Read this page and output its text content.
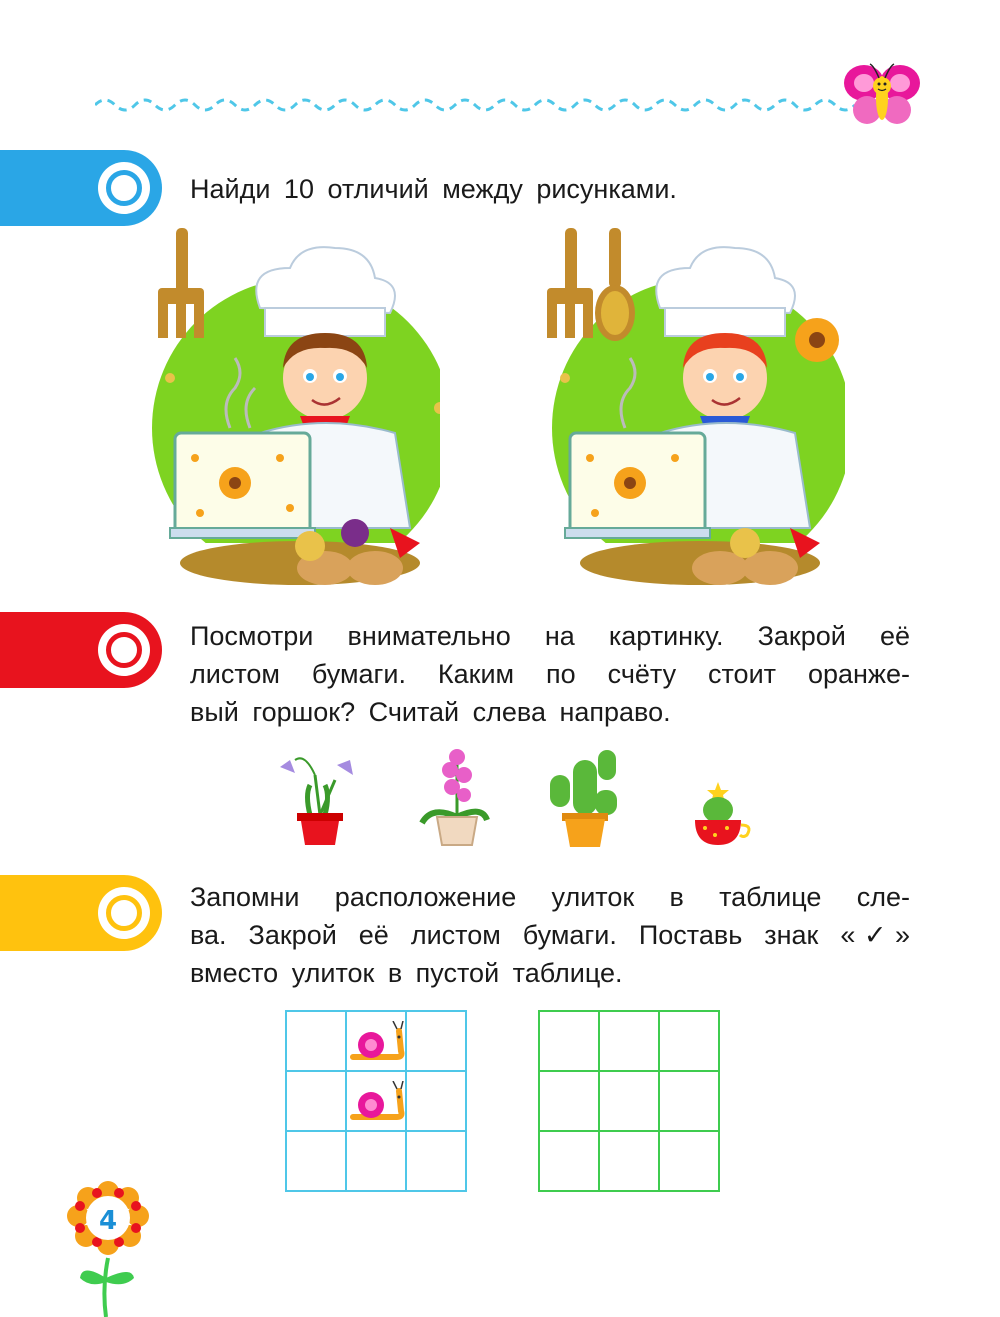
Найди 10 отличий между рисунками.
Посмотри внимательно на картинку. Закрой её
листом бумаги. Каким по счёту стоит оранже-
вый горшок? Считай слева направо.
Запомни расположение улиток в таблице сле-
ва. Закрой её листом бумаги. Поставь знак «✓»
вместо улиток в пустой таблице.
4
